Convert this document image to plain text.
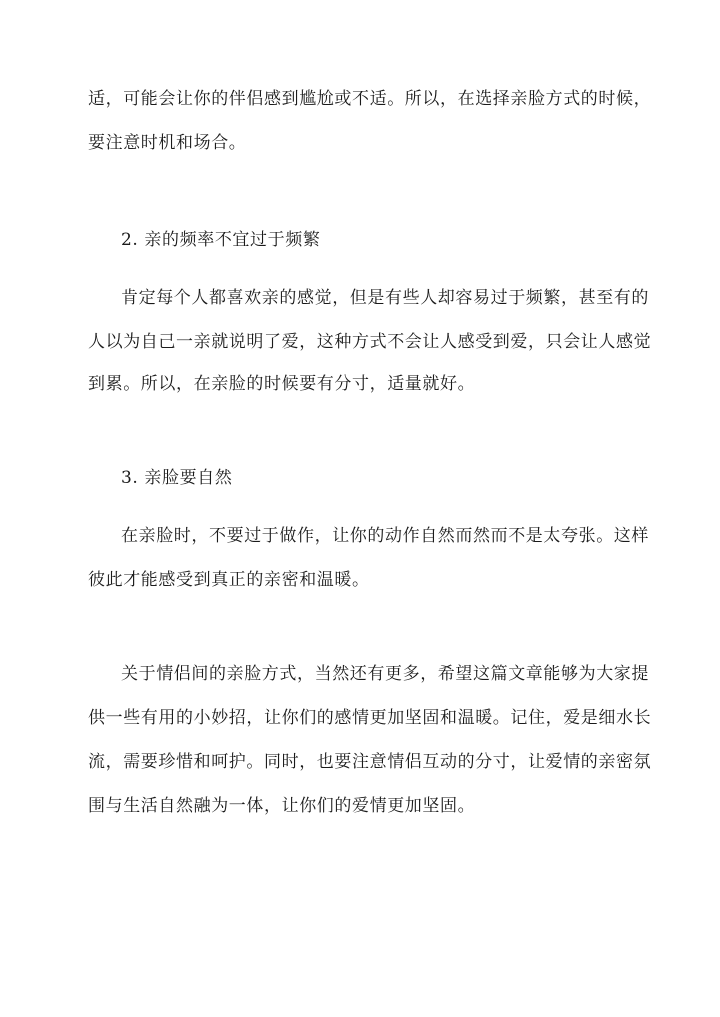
适，可能会让你的伴侣感到尴尬或不适。所以，在选择亲脸方式的时候，
要注意时机和场合。
2. 亲的频率不宜过于频繁
肯定每个人都喜欢亲的感觉，但是有些人却容易过于频繁，甚至有的
人以为自己一亲就说明了爱，这种方式不会让人感受到爱，只会让人感觉
到累。所以，在亲脸的时候要有分寸，适量就好。
3. 亲脸要自然
在亲脸时，不要过于做作，让你的动作自然而然而不是太夸张。这样
彼此才能感受到真正的亲密和温暖。
关于情侣间的亲脸方式，当然还有更多，希望这篇文章能够为大家提
供一些有用的小妙招，让你们的感情更加坚固和温暖。记住，爱是细水长
流，需要珍惜和呵护。同时，也要注意情侣互动的分寸，让爱情的亲密氛
围与生活自然融为一体，让你们的爱情更加坚固。
